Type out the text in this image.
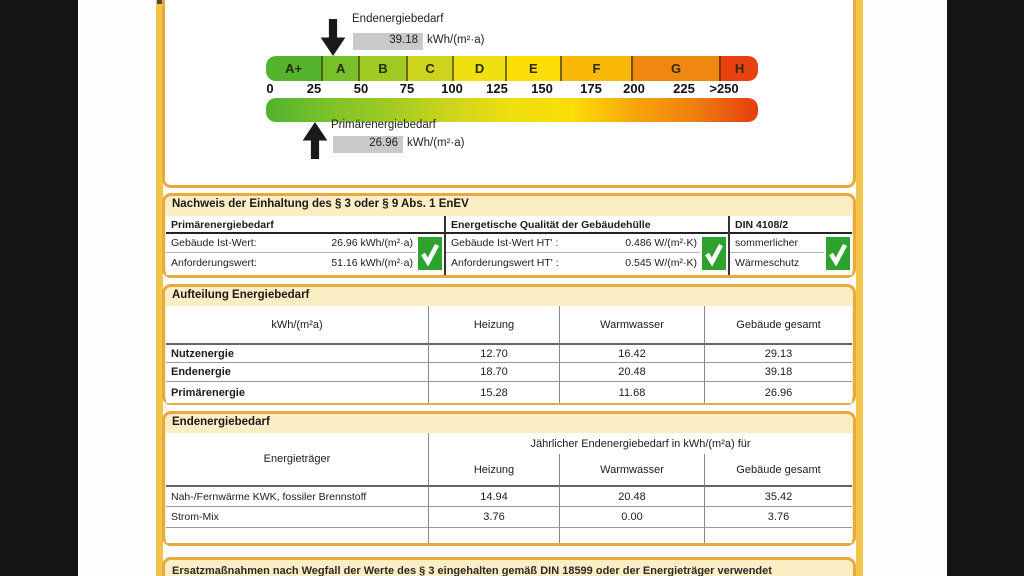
Endenergiebedarf
39.18 kWh/(m²·a)
A+	A	B	C	D	E	F	G	H
0	25	50 75 100 125 150 175 200 225 >250
Primärenergiebedarf
26.96 kWh/(m²·a)
Nachweis der Einhaltung des § 3 oder § 9 Abs. 1 EnEV
Primärenergiebedarf
Gebäude Ist-Wert:	26.96 kWh/(m²·a)
Anforderungswert:	51.16 kWh/(m²·a)
Energetische Qualität der Gebäudehülle
Gebäude Ist-Wert HT' :	0.486 W/(m²·K)
Anforderungswert HT' :	0.545 W/(m²·K)
DIN 4108/2
sommerlicher
Wärmeschutz
Aufteilung Energiebedarf
kWh/(m²a)	Heizung	Warmwasser	Gebäude gesamt
Nutzenergie	12.70	16.42	29.13
Endenergie	18.70	20.48	39.18
Primärenergie	15.28	11.68	26.96
Endenergiebedarf
Energieträger
Jährlicher Endenergiebedarf in kWh/(m²a) für
Heizung	Warmwasser	Gebäude gesamt
Nah-/Fernwärme KWK, fossiler Brennstoff	14.94	20.48	35.42
Strom-Mix	3.76	0.00	3.76
Ersatzmaßnahmen nach Wegfall der Werte des § 3 eingehalten gemäß DIN 18599 oder der Energieträger verwendet
